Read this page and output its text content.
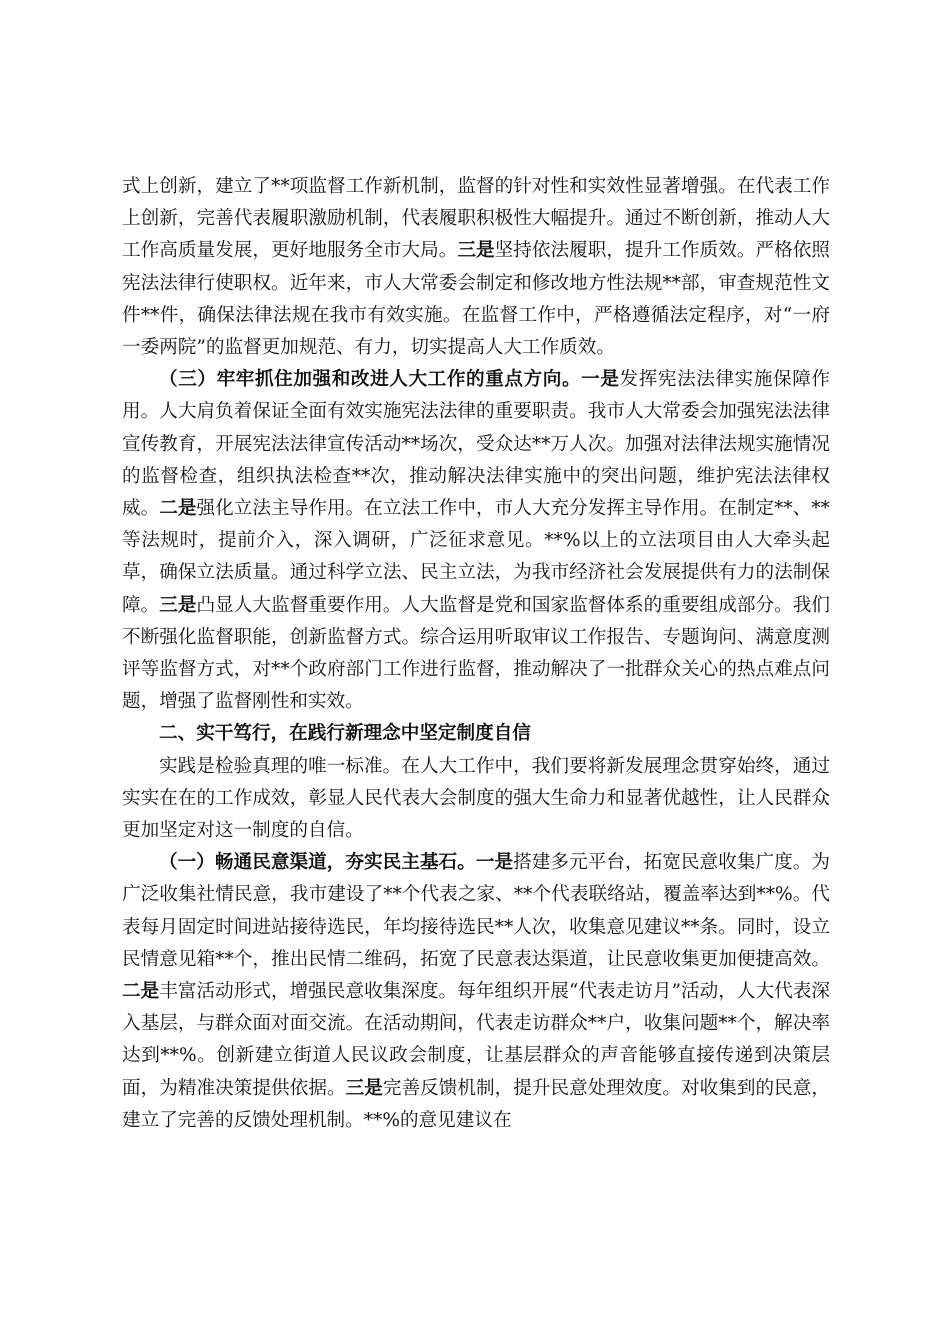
式上创新，建立了**项监督工作新机制，监督的针对性和实效性显著增强。在代表工作上创新，完善代表履职激励机制，代表履职积极性大幅提升。通过不断创新，推动人大工作高质量发展，更好地服务全市大局。三是坚持依法履职，提升工作质效。严格依照宪法法律行使职权。近年来，市人大常委会制定和修改地方性法规**部，审查规范性文件**件，确保法律法规在我市有效实施。在监督工作中，严格遵循法定程序，对“一府一委两院”的监督更加规范、有力，切实提高人大工作质效。

（三）牢牢抓住加强和改进人大工作的重点方向。一是发挥宪法法律实施保障作用。人大肩负着保证全面有效实施宪法法律的重要职责。我市人大常委会加强宪法法律宣传教育，开展宪法法律宣传活动**场次，受众达**万人次。加强对法律法规实施情况的监督检查，组织执法检查**次，推动解决法律实施中的突出问题，维护宪法法律权威。二是强化立法主导作用。在立法工作中，市人大充分发挥主导作用。在制定**、**等法规时，提前介入，深入调研，广泛征求意见。**%以上的立法项目由人大牵头起草，确保立法质量。通过科学立法、民主立法，为我市经济社会发展提供有力的法制保障。三是凸显人大监督重要作用。人大监督是党和国家监督体系的重要组成部分。我们不断强化监督职能，创新监督方式。综合运用听取审议工作报告、专题询问、满意度测评等监督方式，对**个政府部门工作进行监督，推动解决了一批群众关心的热点难点问题，增强了监督刚性和实效。

二、实干笃行，在践行新理念中坚定制度自信

实践是检验真理的唯一标准。在人大工作中，我们要将新发展理念贯穿始终，通过实实在在的工作成效，彰显人民代表大会制度的强大生命力和显著优越性，让人民群众更加坚定对这一制度的自信。

（一）畅通民意渠道，夯实民主基石。一是搭建多元平台，拓宽民意收集广度。为广泛收集社情民意，我市建设了**个代表之家、**个代表联络站，覆盖率达到**%。代表每月固定时间进站接待选民，年均接待选民**人次，收集意见建议**条。同时，设立民情意见箱**个，推出民情二维码，拓宽了民意表达渠道，让民意收集更加便捷高效。二是丰富活动形式，增强民意收集深度。每年组织开展“代表走访月”活动，人大代表深入基层，与群众面对面交流。在活动期间，代表走访群众**户，收集问题**个，解决率达到**%。创新建立街道人民议政会制度，让基层群众的声音能够直接传递到决策层面，为精准决策提供依据。三是完善反馈机制，提升民意处理效度。对收集到的民意，建立了完善的反馈处理机制。**%的意见建议在
